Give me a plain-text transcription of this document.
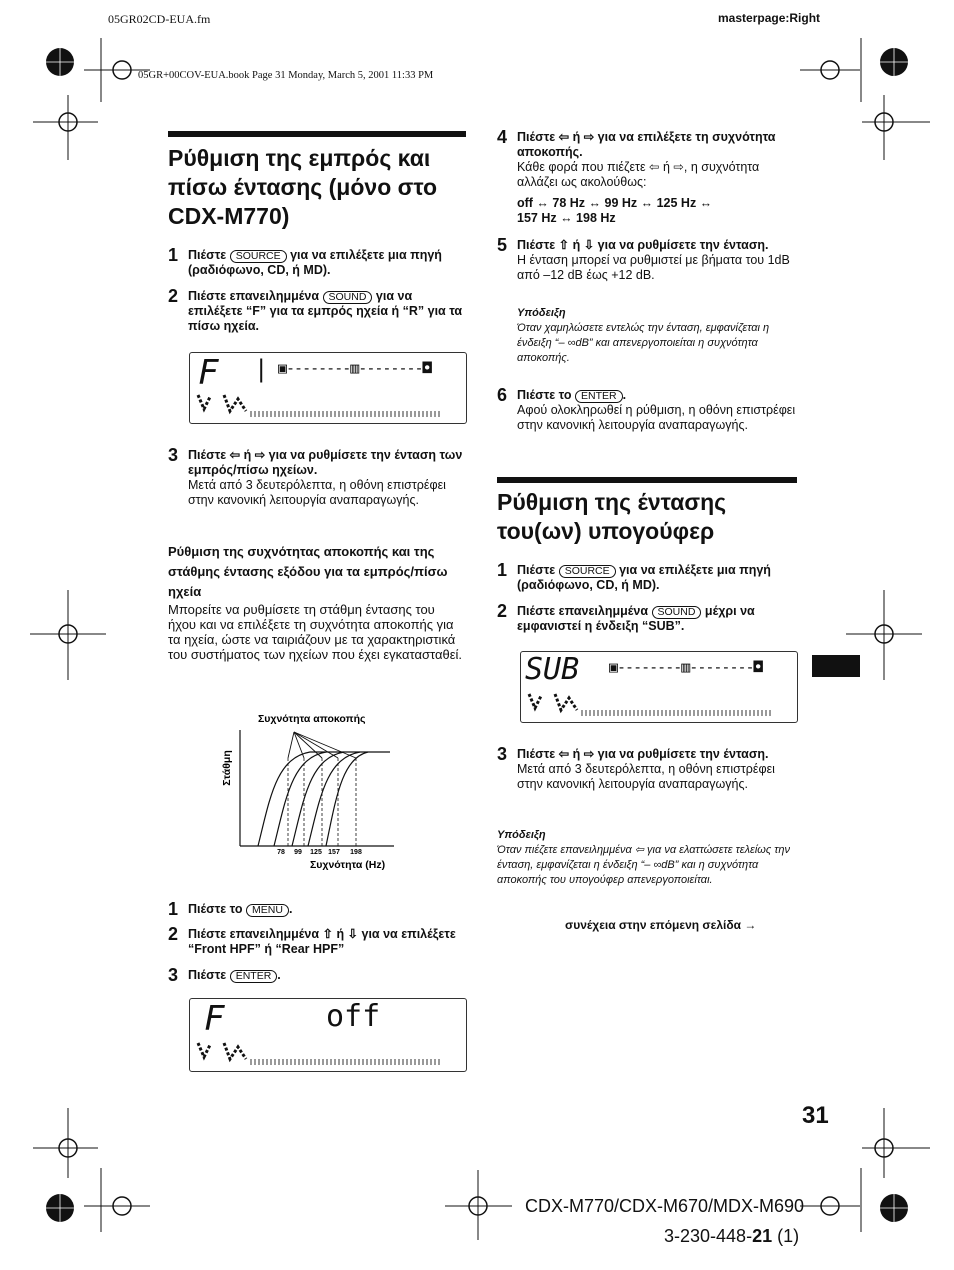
05GR02CD-EUA.fm	masterpage:Right
05GR+00COV-EUA.book Page 31 Monday, March 5, 2001 11:33 PM
Ρύθμιση της εμπρός και πίσω έντασης (μόνο στο CDX-M770)
1 Πιέστε SOURCE για να επιλέξετε μια πηγή (ραδιόφωνο, CD, ή MD).
2 Πιέστε επανειλημμένα SOUND για να επιλέξετε “F” για τα εμπρός ηχεία ή “R” για τα πίσω ηχεία.
F | ▣--------▥--------◘
3 Πιέστε ⇦ ή ⇨ για να ρυθμίσετε την ένταση των εμπρός/πίσω ηχείων.
Μετά από 3 δευτερόλεπτα, η οθόνη επιστρέφει στην κανονική λειτουργία αναπαραγωγής.
Ρύθμιση της συχνότητας αποκοπής και της στάθμης έντασης εξόδου για τα εμπρός/πίσω ηχεία
Μπορείτε να ρυθμίσετε τη στάθμη έντασης του ήχου και να επιλέξετε τη συχνότητα αποκοπής για τα ηχεία, ώστε να ταιριάζουν με τα χαρακτηριστικά του συστήματος των ηχείων που έχει εγκατασταθεί.
Συχνότητα αποκοπής
Στάθμη
78 99 125 157 198
Συχνότητα (Hz)
1 Πιέστε το MENU .
2 Πιέστε επανειλημμένα ⇧ ή ⇩ για να επιλέξετε “Front HPF” ή “Rear HPF”
3 Πιέστε ENTER .
F	off
4 Πιέστε ⇦ ή ⇨ για να επιλέξετε τη συχνότητα αποκοπής.
Κάθε φορά που πιέζετε ⇦ ή ⇨, η συχνότητα αλλάζει ως ακολούθως:
off ↔ 78 Hz ↔ 99 Hz ↔ 125 Hz ↔
157 Hz ↔ 198 Hz
5 Πιέστε ⇧ ή ⇩ για να ρυθμίσετε την ένταση.
Η ένταση μπορεί να ρυθμιστεί με βήματα του 1dB από –12 dB έως +12 dB.
Υπόδειξη
Όταν χαμηλώσετε εντελώς την ένταση, εμφανίζεται η ένδειξη “– ∞dB” και απενεργοποιείται η συχνότητα αποκοπής.
6 Πιέστε το ENTER .
Αφού ολοκληρωθεί η ρύθμιση, η οθόνη επιστρέφει στην κανονική λειτουργία αναπαραγωγής.
Ρύθμιση της έντασης του(ων) υπογούφερ
1 Πιέστε SOURCE για να επιλέξετε μια πηγή (ραδιόφωνο, CD, ή MD).
2 Πιέστε επανειλημμένα SOUND μέχρι να εμφανιστεί η ένδειξη “SUB”.
SUB ▣--------▥--------◘
3 Πιέστε ⇦ ή ⇨ για να ρυθμίσετε την ένταση.
Μετά από 3 δευτερόλεπτα, η οθόνη επιστρέφει στην κανονική λειτουργία αναπαραγωγής.
Υπόδειξη
Όταν πιέζετε επανειλημμένα ⇦ για να ελαττώσετε τελείως την ένταση, εμφανίζεται η ένδειξη “– ∞dB” και η συχνότητα αποκοπής του υπογούφερ απενεργοποιείται.
συνέχεια στην επόμενη σελίδα →
31
CDX-M770/CDX-M670/MDX-M690
3-230-448-21 (1)
